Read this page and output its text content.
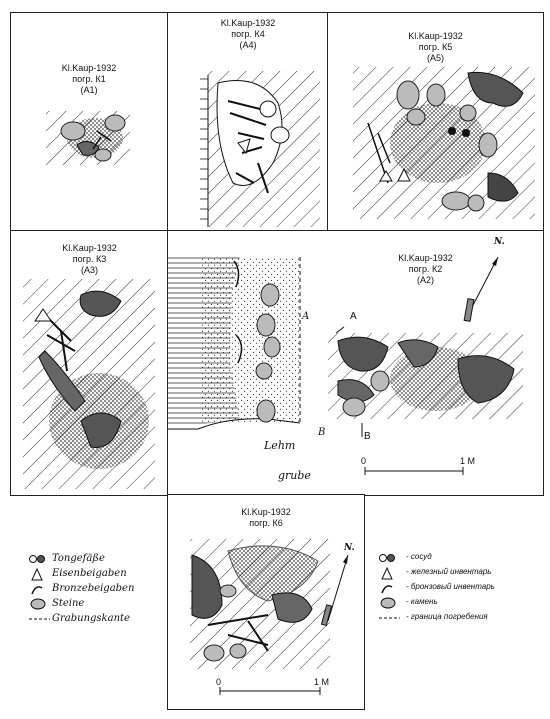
Kl.Kaup-1932
погр. К1
(А1)
Kl.Kaup-1932
погр. К4
(А4)
Kl.Kaup-1932
погр. К5
(А5)
Kl.Kaup-1932
погр. К3
(А3)
Kl.Kaup-1932
погр. К2
(А2)
A
B
Lehm
grube
A
B
N.
0	1 M
Kl.Kup-1932
погр. К6
N.
0	1 M
Tongefäße
Eisenbeigaben
Bronzebeigaben
Steine
Grabungskante
- сосуд
- железный инвентарь
- бронзовый инвентарь
- камень
- граница погребения
